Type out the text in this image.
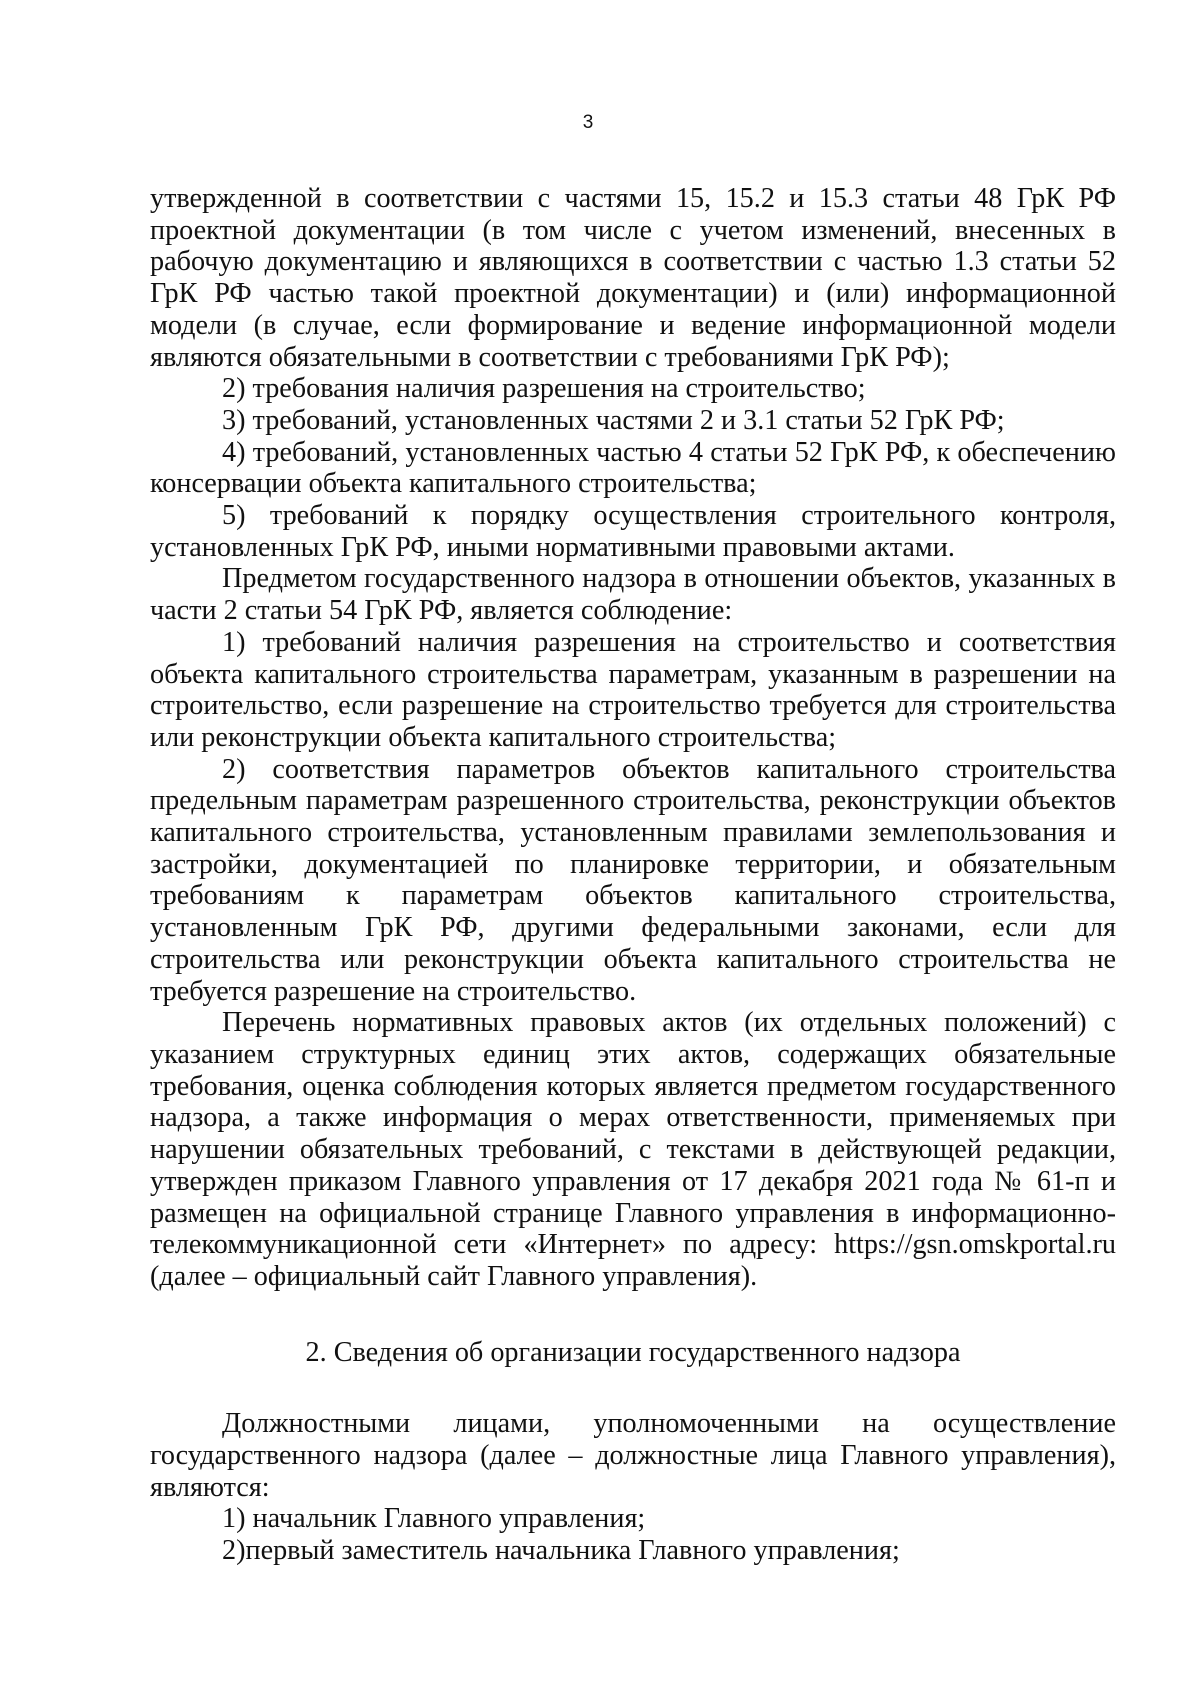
3

утвержденной в соответствии с частями 15, 15.2 и 15.3 статьи 48 ГрК РФ проектной документации (в том числе с учетом изменений, внесенных в рабочую документацию и являющихся в соответствии с частью 1.3 статьи 52 ГрК РФ частью такой проектной документации) и (или) информационной модели (в случае, если формирование и ведение информационной модели являются обязательными в соответствии с требованиями ГрК РФ);

2) требования наличия разрешения на строительство;

3) требований, установленных частями 2 и 3.1 статьи 52 ГрК РФ;

4) требований, установленных частью 4 статьи 52 ГрК РФ, к обеспечению консервации объекта капитального строительства;

5) требований к порядку осуществления строительного контроля, установленных ГрК РФ, иными нормативными правовыми актами.

Предметом государственного надзора в отношении объектов, указанных в части 2 статьи 54 ГрК РФ, является соблюдение:

1) требований наличия разрешения на строительство и соответствия объекта капитального строительства параметрам, указанным в разрешении на строительство, если разрешение на строительство требуется для строительства или реконструкции объекта капитального строительства;

2) соответствия параметров объектов капитального строительства предельным параметрам разрешенного строительства, реконструкции объектов капитального строительства, установленным правилами землепользования и застройки, документацией по планировке территории, и обязательным требованиям к параметрам объектов капитального строительства, установленным ГрК РФ, другими федеральными законами, если для строительства или реконструкции объекта капитального строительства не требуется разрешение на строительство.

Перечень нормативных правовых актов (их отдельных положений) с указанием структурных единиц этих актов, содержащих обязательные требования, оценка соблюдения которых является предметом государственного надзора, а также информация о мерах ответственности, применяемых при нарушении обязательных требований, с текстами в действующей редакции, утвержден приказом Главного управления от 17 декабря 2021 года № 61-п и размещен на официальной странице Главного управления в информационно-телекоммуникационной сети «Интернет» по адресу: https://gsn.omskportal.ru (далее – официальный сайт Главного управления).

2. Сведения об организации государственного надзора

Должностными лицами, уполномоченными на осуществление государственного надзора (далее – должностные лица Главного управления), являются:

1) начальник Главного управления;

2)первый заместитель начальника Главного управления;
